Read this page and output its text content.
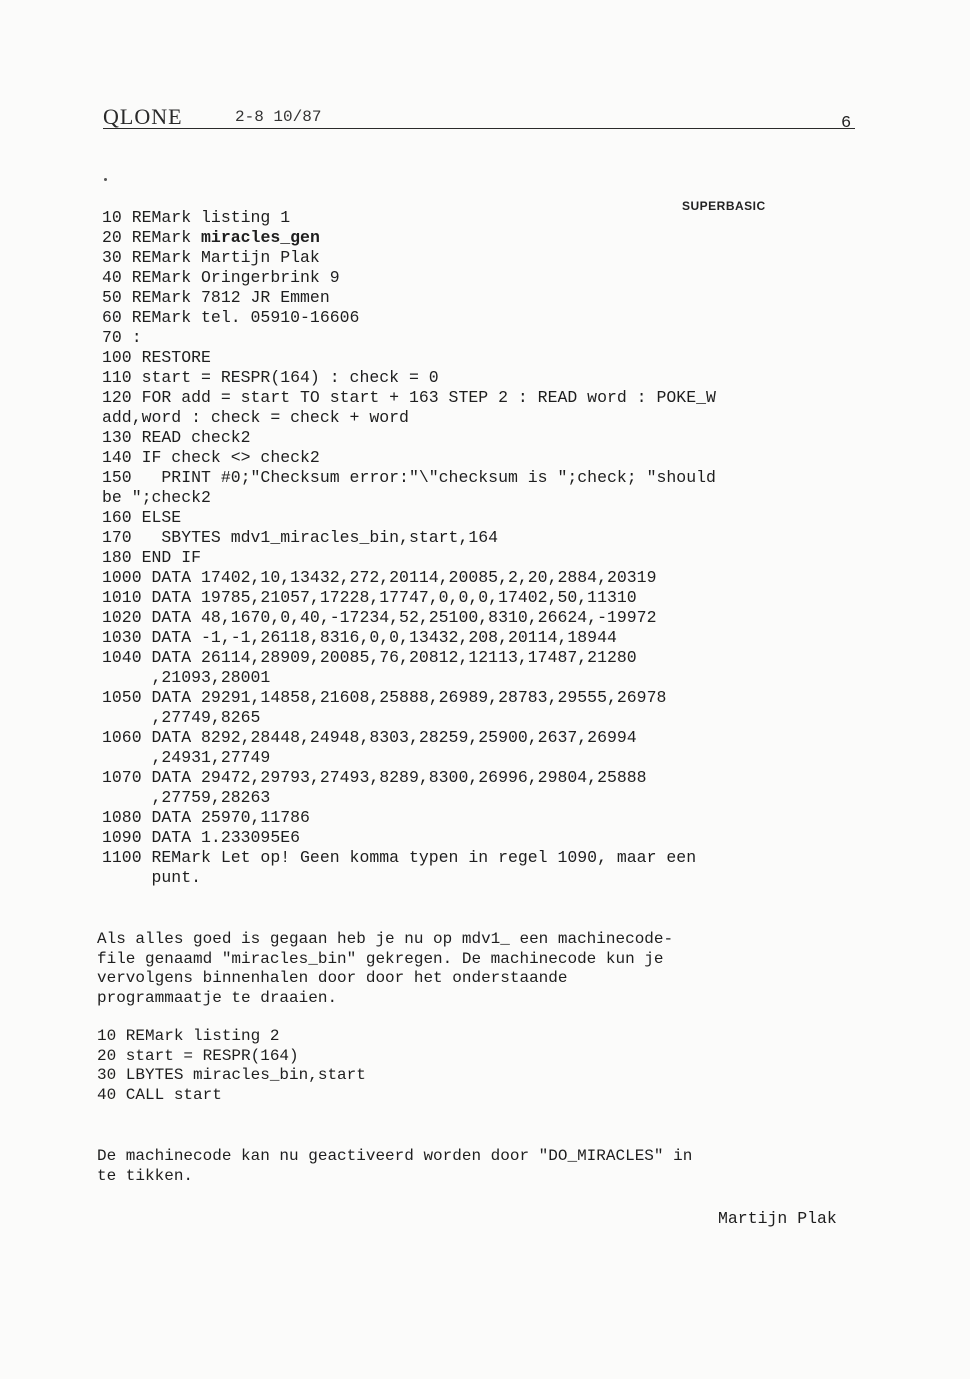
QLONE	2-8 10/87	6
SUPERBASIC
10 REMark listing 1
20 REMark miracles_gen
30 REMark Martijn Plak
40 REMark Oringerbrink 9
50 REMark 7812 JR Emmen
60 REMark tel. 05910-16606
70 :
100 RESTORE
110 start = RESPR(164) : check = 0
120 FOR add = start TO start + 163 STEP 2 : READ word : POKE_W
add,word : check = check + word
130 READ check2
140 IF check <> check2
150   PRINT #0;"Checksum error:"\"checksum is ";check; "should
be ";check2
160 ELSE
170   SBYTES mdv1_miracles_bin,start,164
180 END IF
1000 DATA 17402,10,13432,272,20114,20085,2,20,2884,20319
1010 DATA 19785,21057,17228,17747,0,0,0,17402,50,11310
1020 DATA 48,1670,0,40,-17234,52,25100,8310,26624,-19972
1030 DATA -1,-1,26118,8316,0,0,13432,208,20114,18944
1040 DATA 26114,28909,20085,76,20812,12113,17487,21280
,21093,28001
1050 DATA 29291,14858,21608,25888,26989,28783,29555,26978
,27749,8265
1060 DATA 8292,28448,24948,8303,28259,25900,2637,26994
,24931,27749
1070 DATA 29472,29793,27493,8289,8300,26996,29804,25888
,27759,28263
1080 DATA 25970,11786
1090 DATA 1.233095E6
1100 REMark Let op! Geen komma typen in regel 1090, maar een
punt.
Als alles goed is gegaan heb je nu op mdv1_ een machinecode-
file genaamd "miracles_bin" gekregen. De machinecode kun je
vervolgens binnenhalen door door het onderstaande
programmaatje te draaien.
10 REMark listing 2
20 start = RESPR(164)
30 LBYTES miracles_bin,start
40 CALL start
De machinecode kan nu geactiveerd worden door "DO_MIRACLES" in
te tikken.
Martijn Plak
